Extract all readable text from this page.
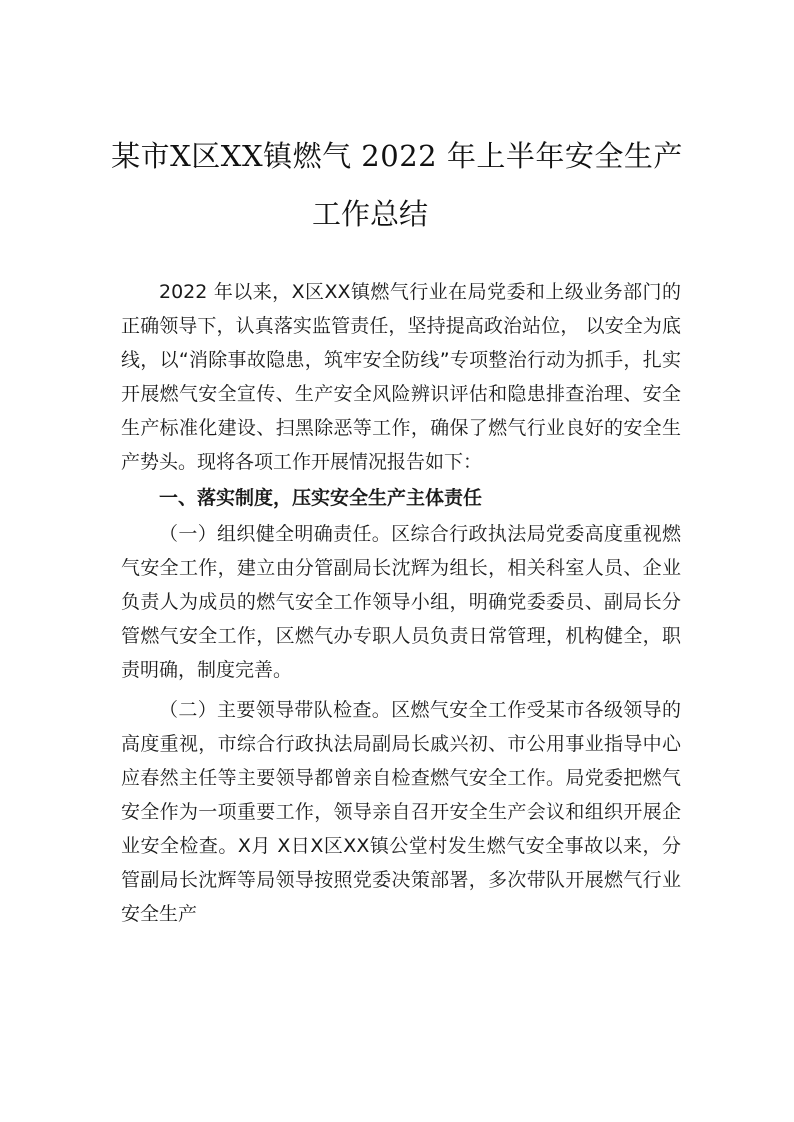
某市X区XX镇燃气 2022 年上半年安全生产
工作总结

2022 年以来，X区XX镇燃气行业在局党委和上级业务部门的正确领导下，认真落实监管责任，坚持提高政治站位， 以安全为底线，以“消除事故隐患，筑牢安全防线”专项整治行动为抓手，扎实开展燃气安全宣传、生产安全风险辨识评估和隐患排查治理、安全生产标准化建设、扫黑除恶等工作，确保了燃气行业良好的安全生产势头。现将各项工作开展情况报告如下：

一、落实制度，压实安全生产主体责任

（一）组织健全明确责任。区综合行政执法局党委高度重视燃气安全工作，建立由分管副局长沈辉为组长，相关科室人员、企业负责人为成员的燃气安全工作领导小组，明确党委委员、副局长分管燃气安全工作，区燃气办专职人员负责日常管理，机构健全，职责明确，制度完善。

（二）主要领导带队检查。区燃气安全工作受某市各级领导的高度重视，市综合行政执法局副局长戚兴初、市公用事业指导中心应春然主任等主要领导都曾亲自检查燃气安全工作。局党委把燃气安全作为一项重要工作，领导亲自召开安全生产会议和组织开展企业安全检查。X月 X日X区XX镇公堂村发生燃气安全事故以来，分管副局长沈辉等局领导按照党委决策部署，多次带队开展燃气行业安全生产
